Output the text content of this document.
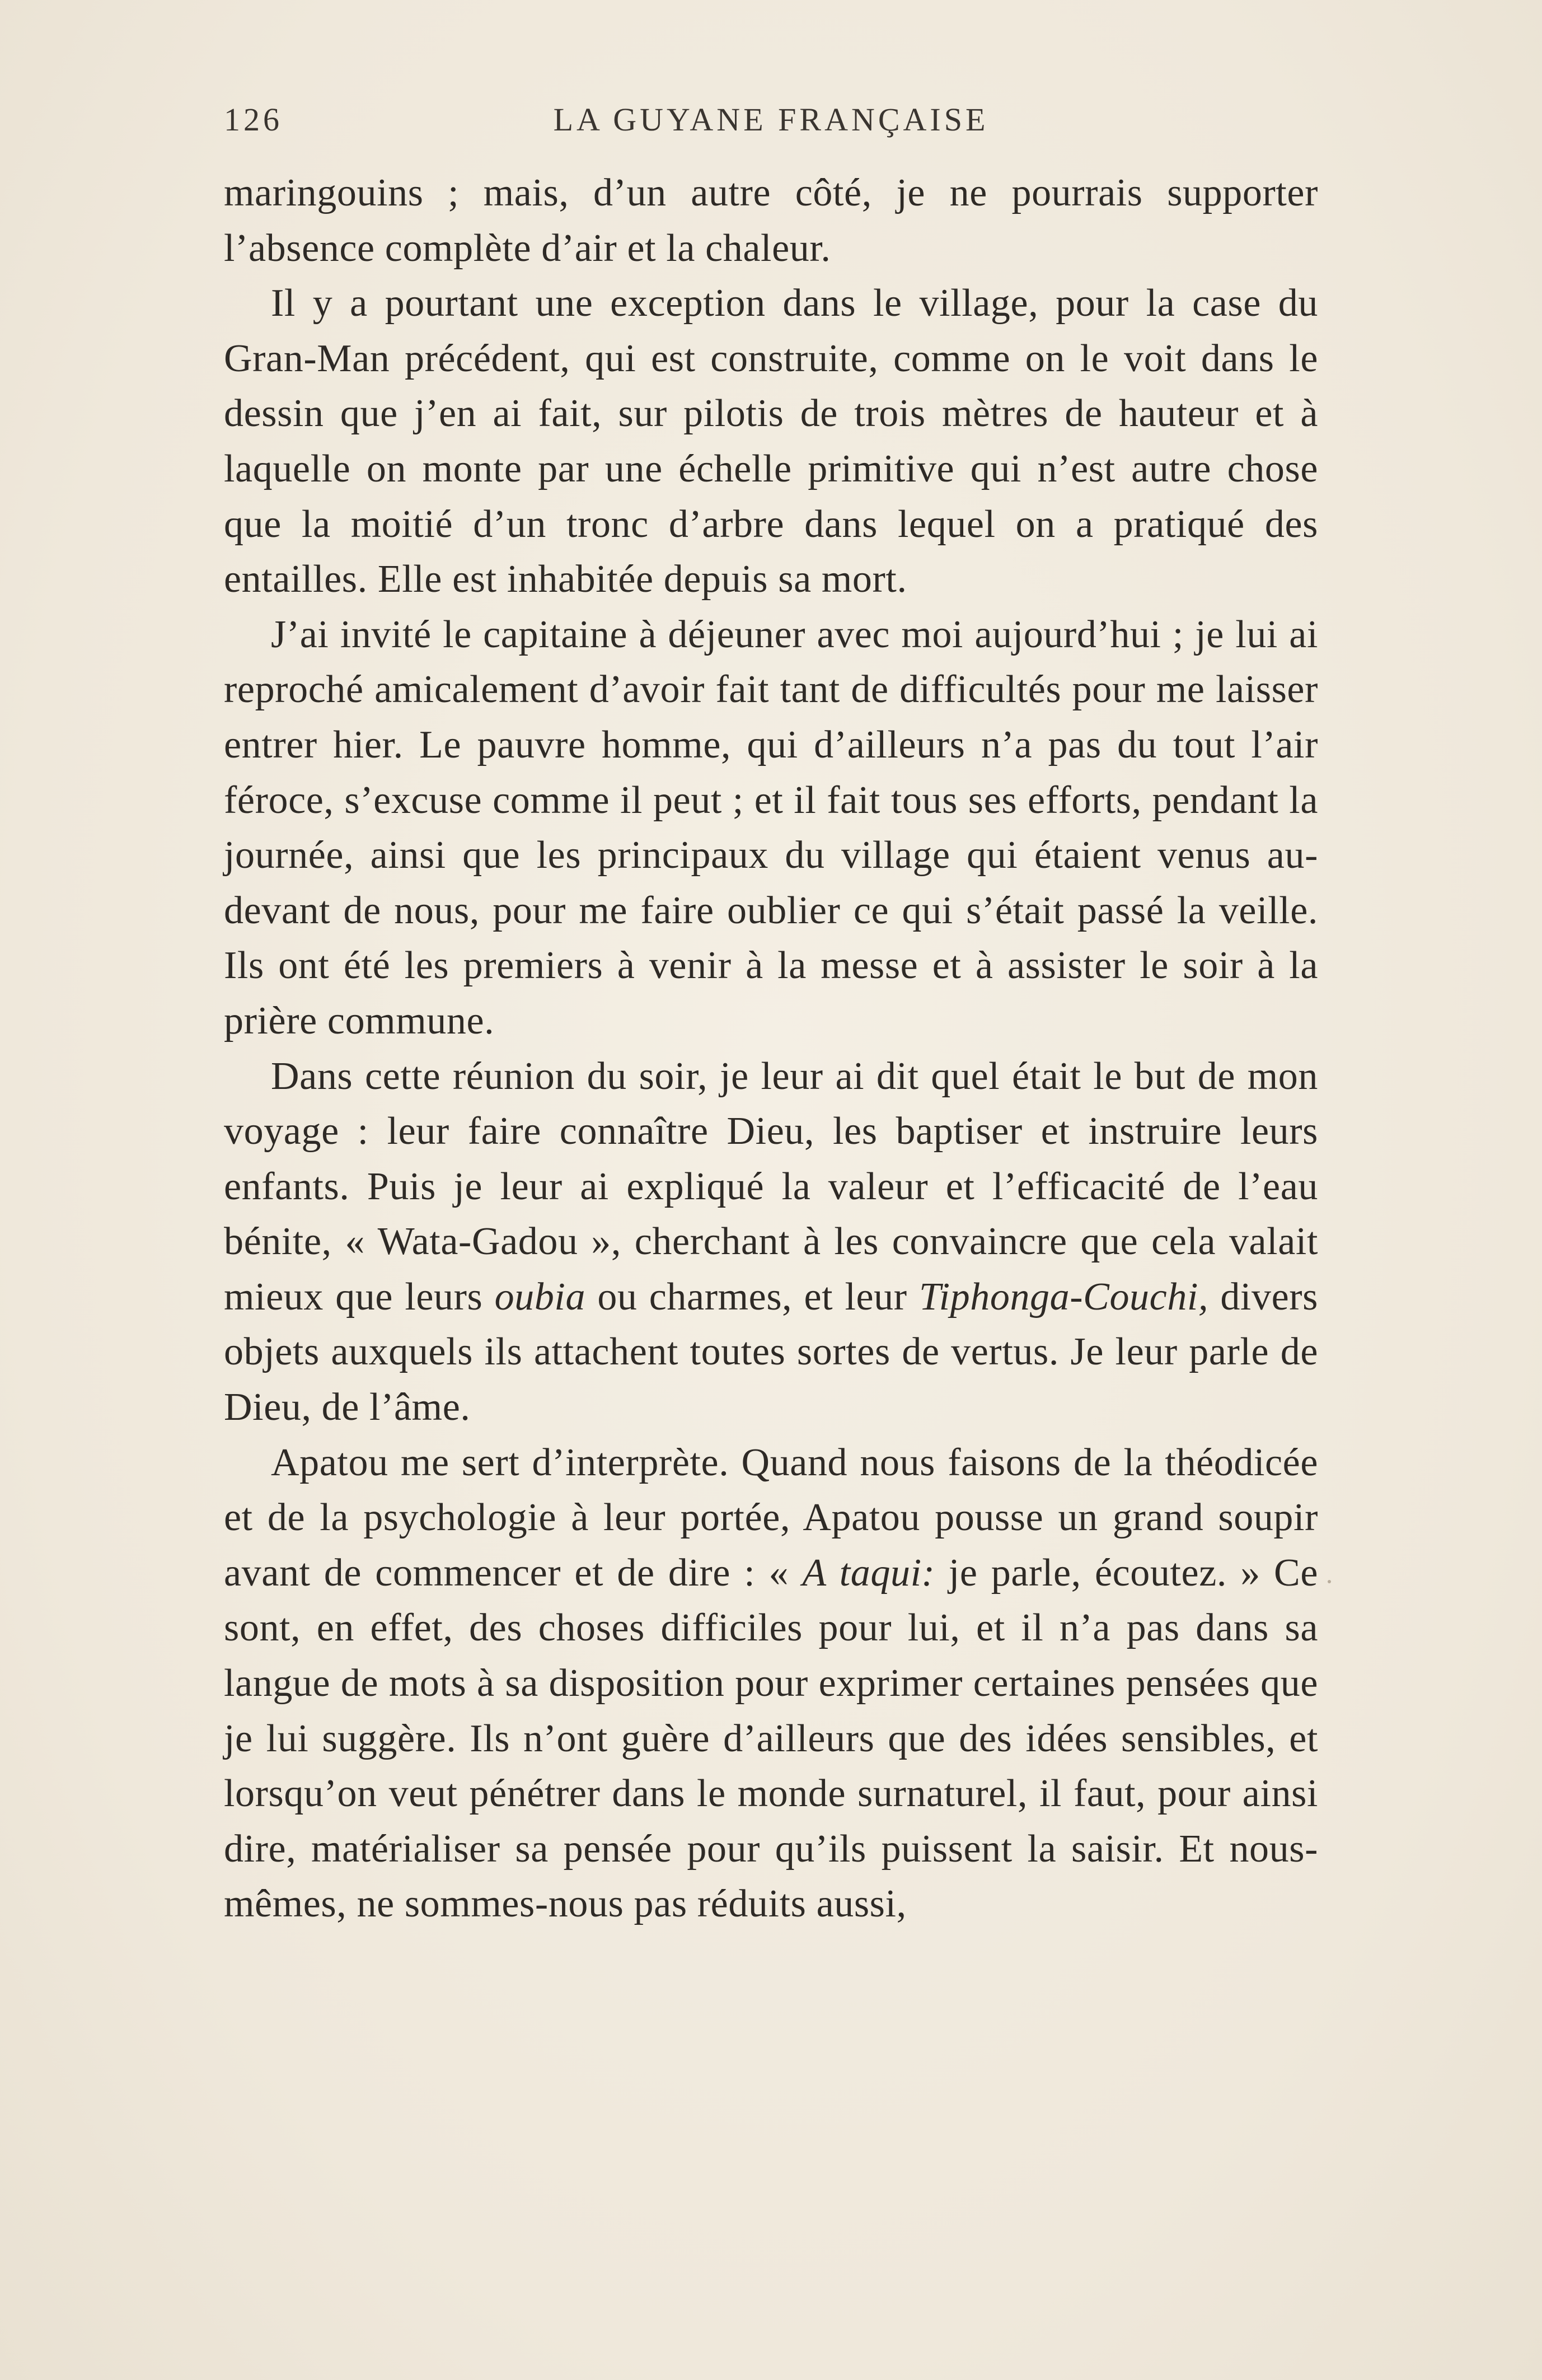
126	LA GUYANE FRANÇAISE

maringouins ; mais, d’un autre côté, je ne pourrais supporter l’absence complète d’air et la chaleur.

Il y a pourtant une exception dans le village, pour la case du Gran-Man précédent, qui est construite, comme on le voit dans le dessin que j’en ai fait, sur pilotis de trois mètres de hauteur et à laquelle on monte par une échelle primitive qui n’est autre chose que la moitié d’un tronc d’arbre dans lequel on a pratiqué des entailles. Elle est inhabitée depuis sa mort.

J’ai invité le capitaine à déjeuner avec moi aujourd’hui ; je lui ai reproché amicalement d’avoir fait tant de difficultés pour me laisser entrer hier. Le pauvre homme, qui d’ailleurs n’a pas du tout l’air féroce, s’excuse comme il peut ; et il fait tous ses efforts, pendant la journée, ainsi que les principaux du village qui étaient venus au-devant de nous, pour me faire oublier ce qui s’était passé la veille. Ils ont été les premiers à venir à la messe et à assister le soir à la prière commune.

Dans cette réunion du soir, je leur ai dit quel était le but de mon voyage : leur faire connaître Dieu, les baptiser et instruire leurs enfants. Puis je leur ai expliqué la valeur et l’efficacité de l’eau bénite, « Wata-Gadou », cherchant à les convaincre que cela valait mieux que leurs oubia ou charmes, et leur Tiphonga-Couchi, divers objets auxquels ils attachent toutes sortes de vertus. Je leur parle de Dieu, de l’âme.

Apatou me sert d’interprète. Quand nous faisons de la théodicée et de la psychologie à leur portée, Apatou pousse un grand soupir avant de commencer et de dire : « A taqui: je parle, écoutez. » Ce sont, en effet, des choses difficiles pour lui, et il n’a pas dans sa langue de mots à sa disposition pour exprimer certaines pensées que je lui suggère. Ils n’ont guère d’ailleurs que des idées sensibles, et lorsqu’on veut pénétrer dans le monde surnaturel, il faut, pour ainsi dire, matérialiser sa pensée pour qu’ils puissent la saisir. Et nous-mêmes, ne sommes-nous pas réduits aussi,
